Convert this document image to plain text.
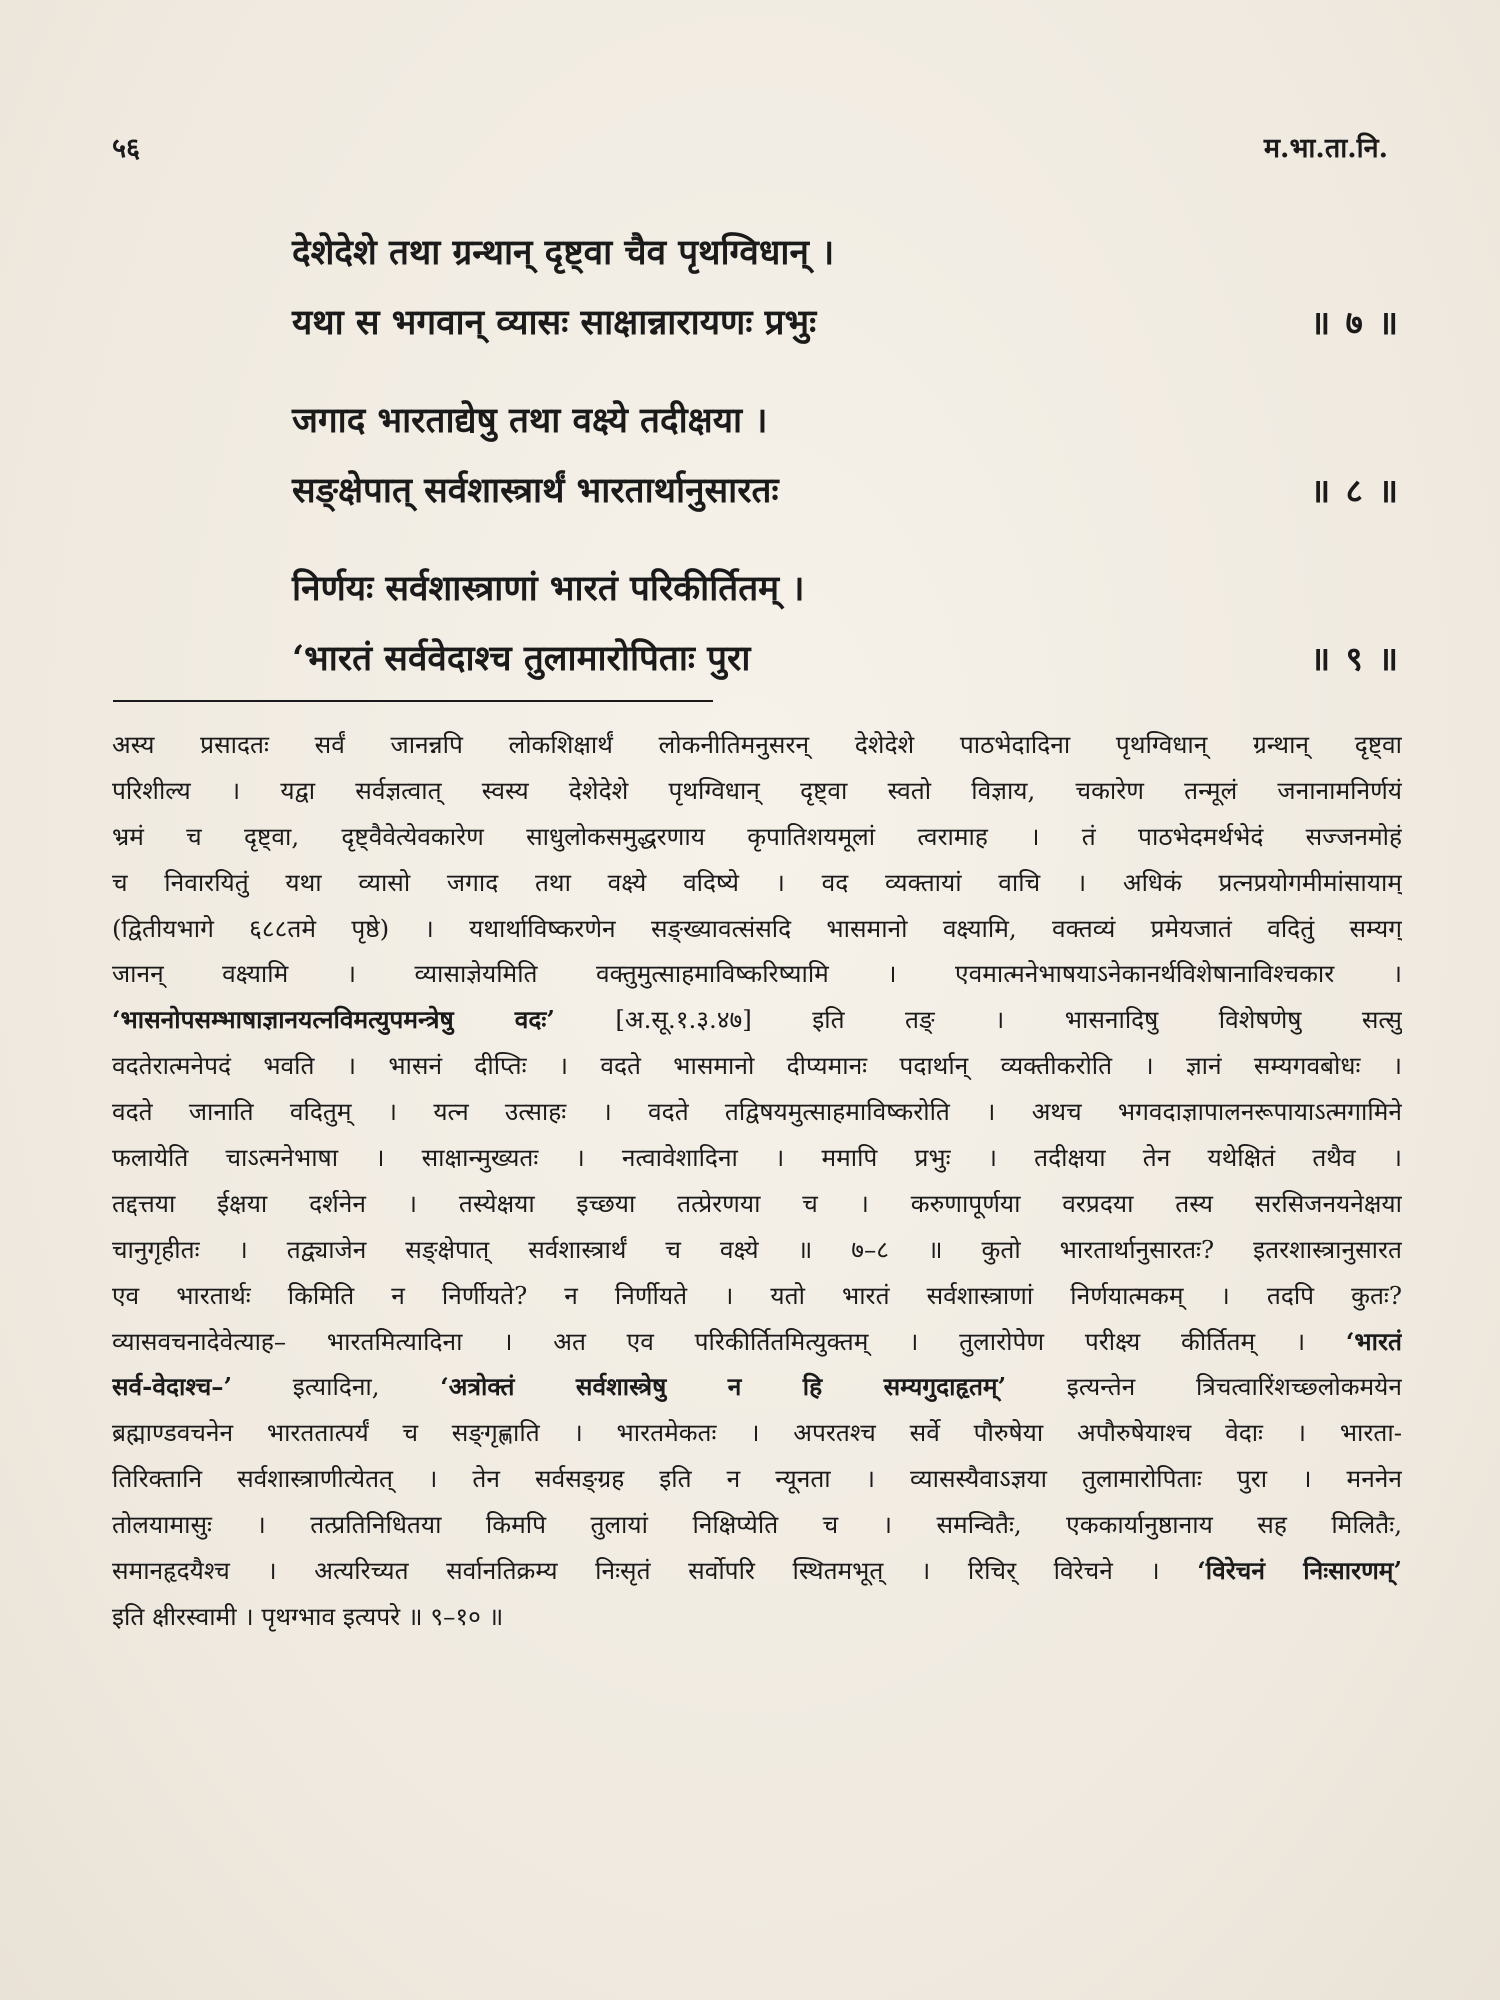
५६	म.भा.ता.नि.
देशेदेशे तथा ग्रन्थान् दृष्ट्वा चैव पृथग्विधान् ।
यथा स भगवान् व्यासः साक्षान्नारायणः प्रभुः	॥ ७ ॥
जगाद भारताद्येषु तथा वक्ष्ये तदीक्षया ।
सङ्क्षेपात् सर्वशास्त्रार्थं भारतार्थानुसारतः	॥ ८ ॥
निर्णयः सर्वशास्त्राणां भारतं परिकीर्तितम् ।
‘भारतं सर्ववेदाश्च तुलामारोपिताः पुरा	॥ ९ ॥
अस्य प्रसादतः सर्वं जानन्नपि लोकशिक्षार्थं लोकनीतिमनुसरन् देशेदेशे पाठभेदादिना पृथग्विधान् ग्रन्थान् दृष्ट्वा
परिशील्य । यद्वा सर्वज्ञत्वात् स्वस्य देशेदेशे पृथग्विधान् दृष्ट्वा स्वतो विज्ञाय, चकारेण तन्मूलं जनानामनिर्णयं
भ्रमं च दृष्ट्वा, दृष्ट्वैवेत्येवकारेण साधुलोकसमुद्धरणाय कृपातिशयमूलां त्वरामाह । तं पाठभेदमर्थभेदं सज्जनमोहं
च निवारयितुं यथा व्यासो जगाद तथा वक्ष्ये वदिष्ये । वद व्यक्तायां वाचि । अधिकं प्रत्नप्रयोगमीमांसायाम्
(द्वितीयभागे ६८८तमे पृष्ठे) । यथार्थाविष्करणेन सङ्ख्यावत्संसदि भासमानो वक्ष्यामि, वक्तव्यं प्रमेयजातं वदितुं सम्यग्
जानन् वक्ष्यामि । व्यासाज्ञेयमिति वक्तुमुत्साहमाविष्करिष्यामि । एवमात्मनेभाषयाऽनेकानर्थविशेषानाविश्चकार ।
‘भासनोपसम्भाषाज्ञानयत्नविमत्युपमन्त्रेषु वदः’ [अ.सू.१.३.४७] इति तङ् । भासनादिषु विशेषणेषु सत्सु
वदतेरात्मनेपदं भवति । भासनं दीप्तिः । वदते भासमानो दीप्यमानः पदार्थान् व्यक्तीकरोति । ज्ञानं सम्यगवबोधः ।
वदते जानाति वदितुम् । यत्न उत्साहः । वदते तद्विषयमुत्साहमाविष्करोति । अथच भगवदाज्ञापालनरूपायाऽत्मगामिने
फलायेति चाऽत्मनेभाषा । साक्षान्मुख्यतः । नत्वावेशादिना । ममापि प्रभुः । तदीक्षया तेन यथेक्षितं तथैव ।
तद्दत्तया ईक्षया दर्शनेन । तस्येक्षया इच्छया तत्प्रेरणया च । करुणापूर्णया वरप्रदया तस्य सरसिजनयनेक्षया
चानुगृहीतः । तद्व्याजेन सङ्क्षेपात् सर्वशास्त्रार्थं च वक्ष्ये ॥ ७–८ ॥ कुतो भारतार्थानुसारतः? इतरशास्त्रानुसारत
एव भारतार्थः किमिति न निर्णीयते? न निर्णीयते । यतो भारतं सर्वशास्त्राणां निर्णयात्मकम् । तदपि कुतः?
व्यासवचनादेवेत्याह– भारतमित्यादिना । अत एव परिकीर्तितमित्युक्तम् । तुलारोपेण परीक्ष्य कीर्तितम् । ‘भारतं
सर्व-वेदाश्च–’ इत्यादिना, ‘अत्रोक्तं सर्वशास्त्रेषु न हि सम्यगुदाहृतम्’ इत्यन्तेन त्रिचत्वारिंशच्छ्लोकमयेन
ब्रह्माण्डवचनेन भारततात्पर्यं च सङ्गृह्णाति । भारतमेकतः । अपरतश्च सर्वे पौरुषेया अपौरुषेयाश्च वेदाः । भारता-
तिरिक्तानि सर्वशास्त्राणीत्येतत् । तेन सर्वसङ्ग्रह इति न न्यूनता । व्यासस्यैवाऽज्ञया तुलामारोपिताः पुरा । मननेन
तोलयामासुः । तत्प्रतिनिधितया किमपि तुलायां निक्षिप्येति च । समन्वितैः, एककार्यानुष्ठानाय सह मिलितैः,
समानहृदयैश्च । अत्यरिच्यत सर्वानतिक्रम्य निःसृतं सर्वोपरि स्थितमभूत् । रिचिर् विरेचने । ‘विरेचनं निःसारणम्’
इति क्षीरस्वामी । पृथग्भाव इत्यपरे ॥ ९–१० ॥
